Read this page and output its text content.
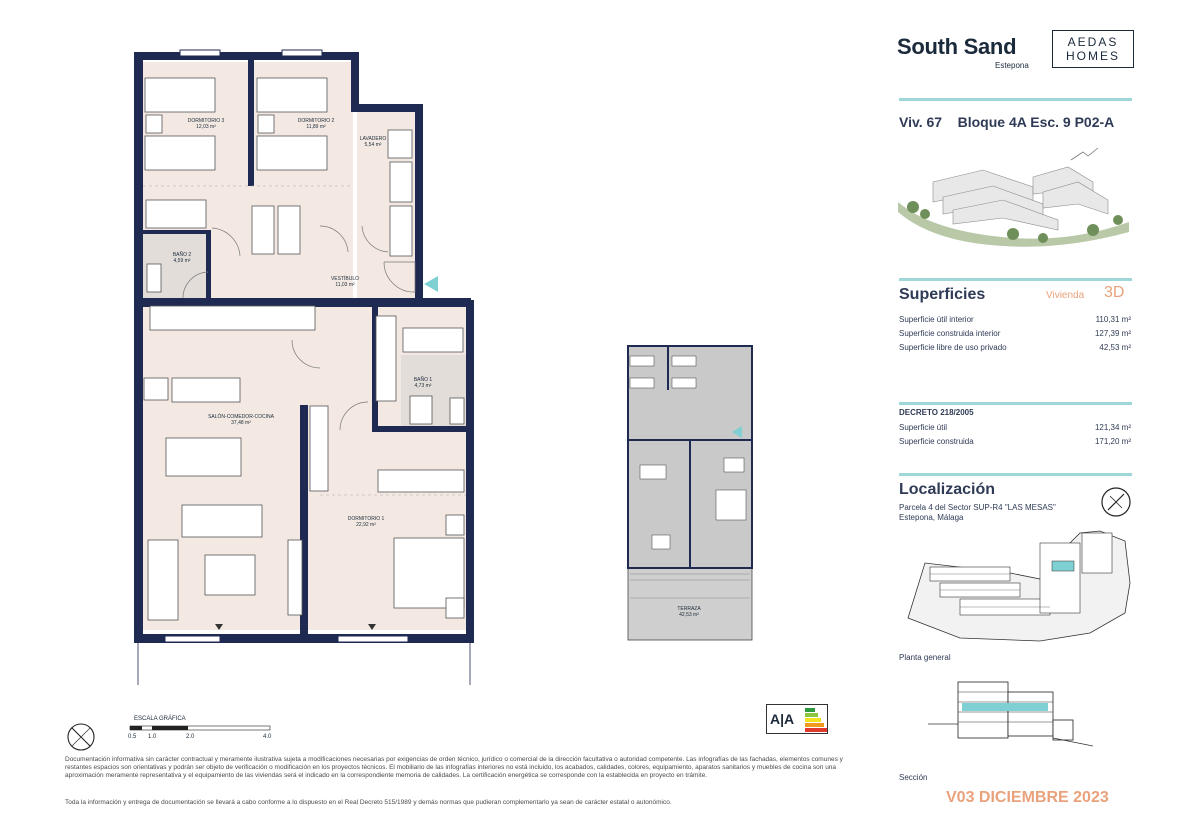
DORMITORIO 3
12,03 m²
DORMITORIO 2
11,89 m²
LAVADERO
5,54 m²
BAÑO 2
4,59 m²
VESTÍBULO
11,03 m²
BAÑO 1
4,73 m²
SALÓN-COMEDOR-COCINA
37,48 m²
DORMITORIO 1
22,92 m²
TERRAZA
42,53 m²
South Sand
Estepona
AEDAS
HOMES
Viv. 67    Bloque 4A Esc. 9 P02-A
Superficies	Vivienda 3D
Superficie útil interior	110,31 m²
Superficie construida interior	127,39 m²
Superficie libre de uso privado	42,53 m²
DECRETO 218/2005
Superficie útil	121,34 m²
Superficie construida	171,20 m²
Localización
Parcela 4 del Sector SUP-R4 "LAS MESAS"
Estepona, Málaga
Planta general
Sección
V03 DICIEMBRE 2023
ESCALA GRÁFICA
0.5 1.0	2.0	4.0
A|A
Documentación informativa sin carácter contractual y meramente ilustrativa sujeta a modificaciones necesarias por exigencias de orden técnico, jurídico o comercial de la dirección facultativa o autoridad competente. Las infografías de las fachadas, elementos comunes y restantes espacios son orientativas y podrán ser objeto de verificación o modificación en los proyectos técnicos. El mobiliario de las infografías interiores no está incluido, los acabados, calidades, colores, equipamiento, aparatos sanitarios y muebles de cocina son una aproximación meramente representativa y el equipamiento de las viviendas será el indicado en la correspondiente memoria de calidades. La certificación energética se corresponde con la establecida en proyecto en trámite.
Toda la información y entrega de documentación se llevará a cabo conforme a lo dispuesto en el Real Decreto 515/1989 y demás normas que pudieran complementarlo ya sean de carácter estatal o autonómico.
